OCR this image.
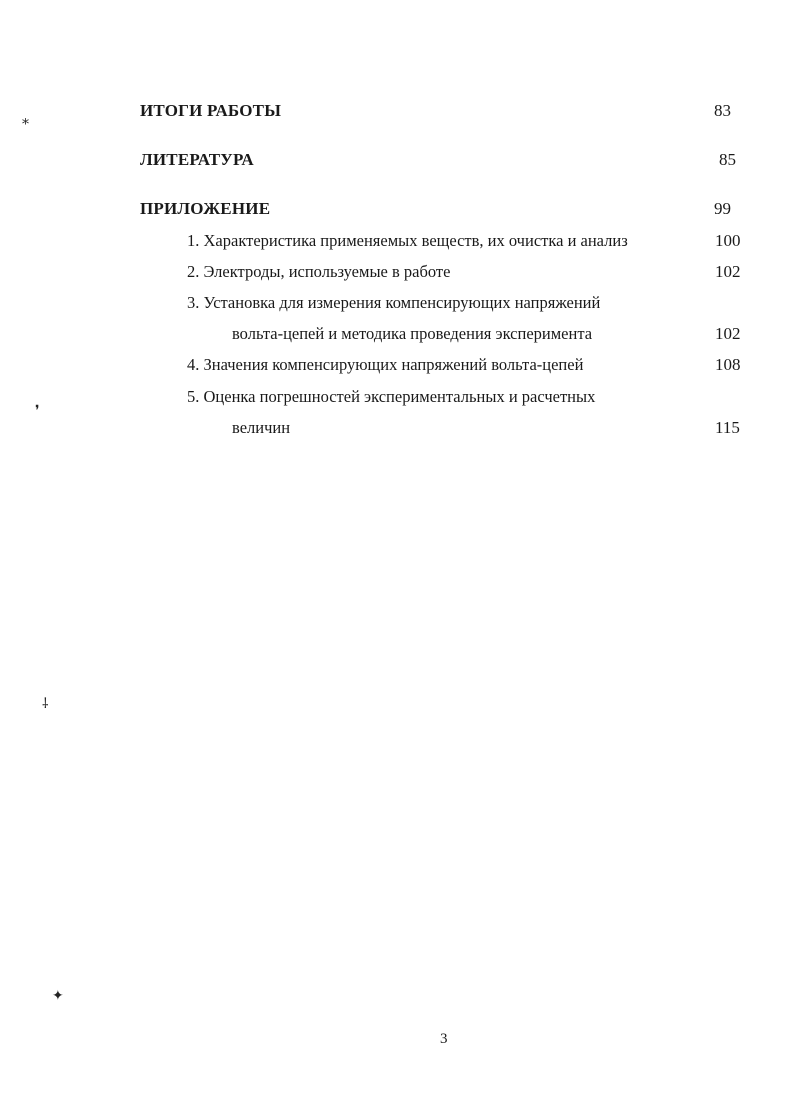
⁎
❜
⸸
✦
ИТОГИ РАБОТЫ	83
ЛИТЕРАТУРА	85
ПРИЛОЖЕНИЕ	99
1. Характеристика применяемых веществ, их очистка и анализ	100
2. Электроды, используемые в работе	102
3. Установка для измерения компенсирующих напряжений
вольта-цепей и методика проведения эксперимента	102
4. Значения компенсирующих напряжений вольта-цепей	108
5. Оценка погрешностей экспериментальных и расчетных
величин	115
3
